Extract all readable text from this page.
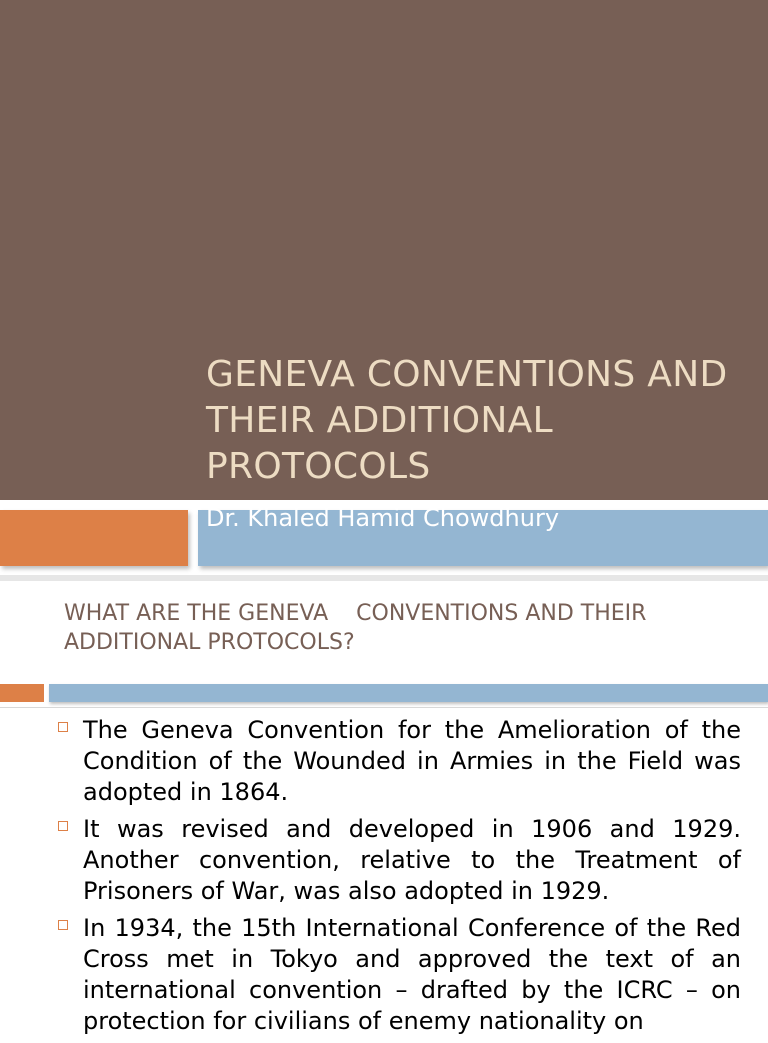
GENEVA CONVENTIONS AND THEIR ADDITIONAL PROTOCOLS
Dr. Khaled Hamid Chowdhury
WHAT ARE THE GENEVA    CONVENTIONS AND THEIR ADDITIONAL PROTOCOLS?
The Geneva Convention for the Amelioration of the Condition of the Wounded in Armies in the Field was adopted in 1864.
It was revised and developed in 1906 and 1929. Another convention, relative to the Treatment of Prisoners of War, was also adopted in 1929.
In 1934, the 15th International Conference of the Red Cross met in Tokyo and approved the text of an international convention – drafted by the ICRC – on protection for civilians of enemy nationality on
